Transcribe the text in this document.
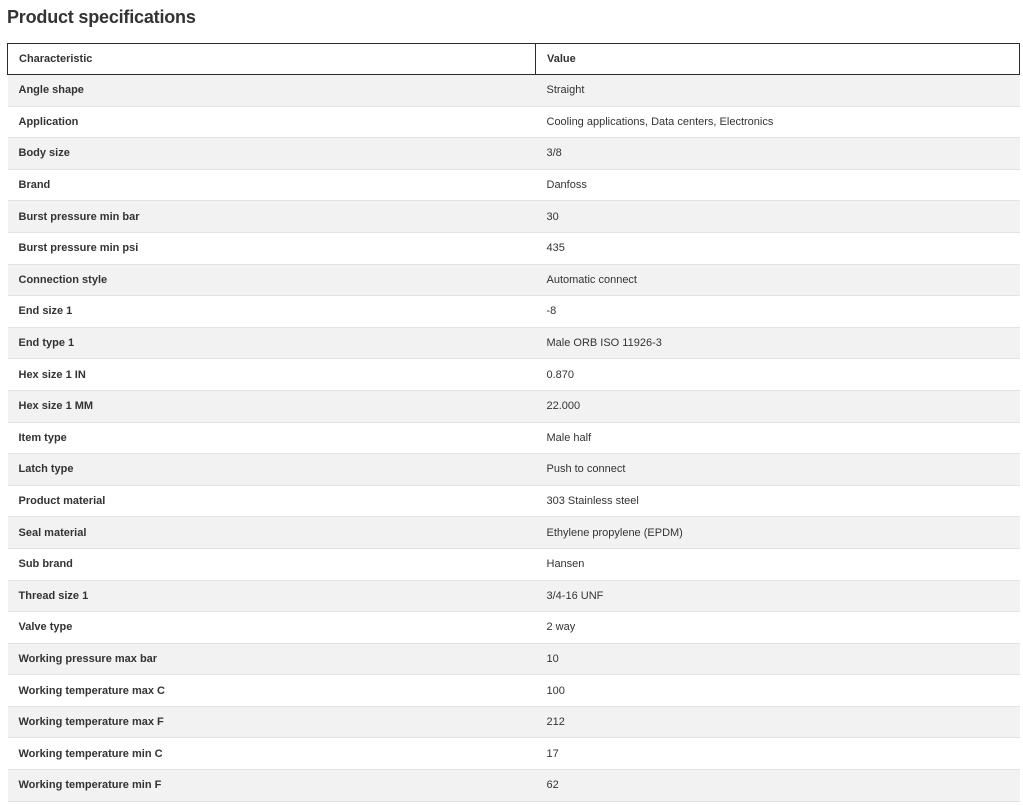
Product specifications
Characteristic	Value
Angle shape	Straight
Application	Cooling applications, Data centers, Electronics
Body size	3/8
Brand	Danfoss
Burst pressure min bar	30
Burst pressure min psi	435
Connection style	Automatic connect
End size 1	-8
End type 1	Male ORB ISO 11926-3
Hex size 1 IN	0.870
Hex size 1 MM	22.000
Item type	Male half
Latch type	Push to connect
Product material	303 Stainless steel
Seal material	Ethylene propylene (EPDM)
Sub brand	Hansen
Thread size 1	3/4-16 UNF
Valve type	2 way
Working pressure max bar	10
Working temperature max C	100
Working temperature max F	212
Working temperature min C	17
Working temperature min F	62
